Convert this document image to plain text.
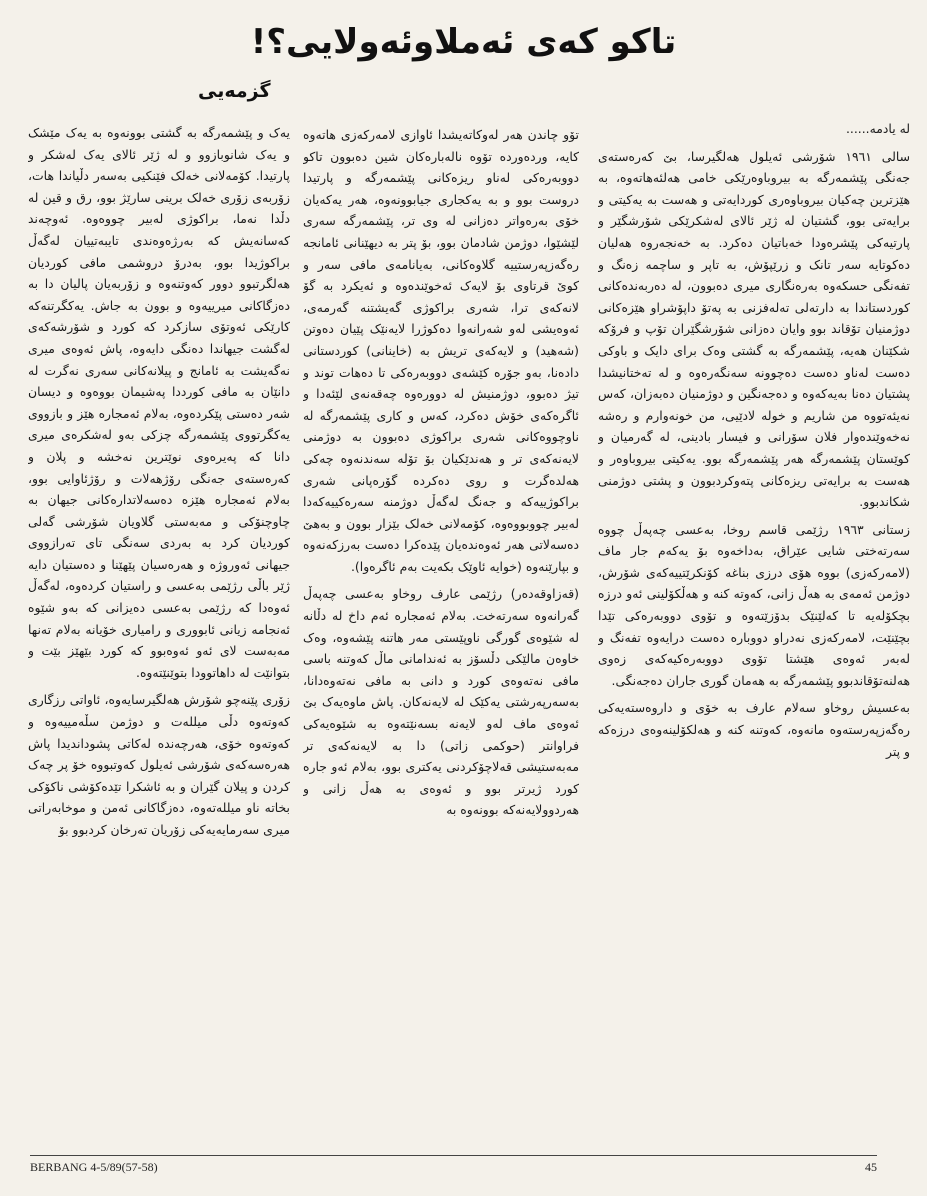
تاکو کەی ئەملاوئەولایی؟!
گزمەیی

لە یادمە......

سالی ١٩٦١ شۆرشی ئەیلول هەلگیرسا، بێ کەرەستەی جەنگی پێشمەرگە بە بیروباوەرێکی خامی هەلئەهاتەوە، بە هێزترین چەکیان بیروباوەری کوردایەتی و هەست بە یەکیتی و برایەتی بوو، گشتیان لە ژێر ئالای لەشکرێکی شۆرشگێر و پارتیەکی پێشرەودا خەباتیان دەکرد. بە خەنجەروە هەلیان دەکوتایە سەر تانک و زرێپۆش، بە تاپر و ساچمە زەنگ و تفەنگی حسکەوە بەرەنگاری میری دەبوون، لە دەربەندەکانی کوردستاندا بە دارتەلی تەلەفزنی بە پەتۆ داپۆشراو هێزەکانی دوژمنیان تۆقاند بوو وایان دەزانی شۆرشگێران تۆپ و فرۆکە شکێنان هەیە، پێشمەرگە بە گشتی وەک برای دایک و باوکی دەست لەناو دەست دەچوونە سەنگەرەوە و لە تەختانیشدا پشتیان دەنا بەیەکەوە و دەجەنگین و دوژمنیان دەبەزان، کەس نەیئەتووە من شاریم و خولە لادێیی، من خونەوارم و رەشە نەخەوێندەوار فلان سۆرانی و فیسار بادینی، لە گەرمیان و کوێستان پێشمەرگە هەر پێشمەرگە بوو. یەکیتی بیروباوەر و هەست بە برایەتی ریزەکانی پتەوکردبوون و پشتی دوژمنی شکاندبوو.

زستانی ١٩٦٣ رژێمی قاسم روخا، بەعسی چەپەڵ چووە سەرتەختی شایی عێراق، بەداخەوە بۆ یەکەم جار ماف (لامەرکەزی) بووە هۆی درزی بناغە کۆنکرێتییەکەی شۆرش، دوژمن ئەمەی بە هەڵ زانی، کەوتە کنە و هەڵکۆلینی ئەو درزە بچکۆلەیە تا کەلێنێک بدۆزێتەوە و تۆوی دووبەرەکی تێدا بچێنێت، لامەرکەزی نەدراو دووبارە دەست درایەوە تفەنگ و لەبەر ئەوەی هێشتا تۆوی دووبەرەکیەکەی زەوی هەلنەتۆقاندبوو پێشمەرگە بە هەمان گوری جاران دەجەنگی.

بەعسیش روخاو سەلام عارف بە خۆی و داروەستەیەکی رەگەزپەرستەوە مانەوە، کەوتنە کنە و هەلکۆلینەوەی درزەکە و پتر

تۆو چاندن هەر لەوکاتەیشدا ئاوازی لامەرکەزی هاتەوە کایە، وردەوردە تۆوە نالەبارەکان شین دەبوون تاکو دووبەرەکی لەناو ریزەکانی پێشمەرگە و پارتیدا دروست بوو و بە یەکجاری جیابوونەوە، هەر یەکەیان خۆی بەرەواتر دەزانی لە وی تر، پێشمەرگە سەری لێشێوا، دوژمن شادمان بوو، بۆ پتر بە دیهێنانی ئامانجە رەگەزپەرستییە گلاوەکانی، بەیانامەی مافی سەر و کوێ قرتاوی بۆ لایەک ئەخوێندەوە و ئەیکرد بە گۆ لانەکەی ترا، شەری براکوژی گەیشتنە گەرمەی، ئەوەیشی لەو شەرانەوا دەکوژرا لایەنێک پێیان دەوتن (شەهید) و لایەکەی تریش بە (خاینانی) کوردستانی دادەنا، بەو جۆرە کێشەی دووبەرەکی تا دەهات توند و تیژ دەبوو، دوژمنیش لە دوورەوە چەقەنەی لێئەدا و ئاگرەکەی خۆش دەکرد، کەس و کاری پێشمەرگە لە ناوچووەکانی شەری براکوژی دەبوون بە دوژمنی لایەنەکەی تر و هەندێکیان بۆ تۆلە سەندنەوە چەکی هەلدەگرت و روی دەکردە گۆرەپانی شەری براکوژییەکە و جەنگ لەگەڵ دوژمنە سەرەکییەکەدا لەبیر چووبووەوە، کۆمەلانی خەلک بێزار بوون و بەهێ دەسەلاتی هەر ئەوەندەیان پێدەکرا دەست بەرزکەنەوە و بپارێنەوە (خوایە ئاوێک بکەیت بەم ئاگرەوا).

(قەزاوقەدەر) رژێمی عارف روخاو بەعسی چەپەڵ گەرانەوە سەرتەخت. بەلام ئەمجارە ئەم داخ لە دڵانە لە شێوەی گورگی ناوپێستی مەر هاتنە پێشەوە، وەک خاوەن مالێکی دڵسۆز بە ئەندامانی ماڵ کەوتنە باسی مافی نەتەوەی کورد و دانی بە مافی نەتەوەدانا، بەسەرپەرشتی یەکێک لە لایەنەکان. پاش ماوەیەک بێ ئەوەی ماف لەو لایەنە بسەنێتەوە بە شێوەیەکی فراوانتر (حوکمی زاتی) دا بە لایەنەکەی تر مەبەستیشی قەلاچۆکردنی یەکتری بوو، بەلام ئەو جارە کورد ژیرتر بوو و ئەوەی بە هەڵ زانی و هەردوولایەنەکە بوونەوە بە

یەک و پێشمەرگە بە گشتی بوونەوە بە یەک مێشک و یەک شانوبازوو و لە ژێر ئالای یەک لەشکر و پارتیدا. کۆمەلانی خەلک فێنکیی بەسەر دڵیاندا هات، زۆربەی زۆری خەلک برینی سارێژ بوو، رق و قین لە دڵدا نەما، براکوژی لەبیر چووەوە. ئەوچەند کەسانەیش کە بەرژەوەندی تایبەتییان لەگەڵ براکوژیدا بوو، بەدرۆ دروشمی مافی کوردیان هەلگرتبوو دوور کەوتنەوە و زۆربەیان پالیان دا بە دەزگاکانی میرییەوە و بوون بە جاش. یەکگرتنەکە کارێکی ئەوتۆی سازکرد کە کورد و شۆرشەکەی لەگشت جیهاندا دەنگی دایەوە، پاش ئەوەی میری نەگەیشت بە ئامانج و پیلانەکانی سەری نەگرت لە دانێان بە مافی کورددا پەشیمان بووەوە و دیسان شەر دەستی پێکردەوە، بەلام ئەمجارە هێز و بازووی یەکگرتووی پێشمەرگە چزکی بەو لەشکرەی میری دانا کە پەیرەوی نوێترین نەخشە و پلان و کەرەستەی جەنگی رۆژهەلات و رۆژئاوایی بوو، بەلام ئەمجارە هێزە دەسەلاتدارەکانی جیهان بە چاوچنۆکی و مەبەستی گلاویان شۆرشی گەلی کوردیان کرد بە بەردی سەنگی تای تەرازووی جیهانی ئەوروژە و هەرەسیان پێهێنا و دەستیان دایە ژێر باڵی رژێمی بەعسی و راستیان کردەوە، لەگەڵ ئەوەدا کە رژێمی بەعسی دەیزانی کە بەو شێوە ئەنجامە زیانی ئابووری و رامیاری خۆیانە بەلام تەنها مەبەست لای ئەو ئەوەبوو کە کورد بێهێز بێت و بتوانێت لە داهاتوودا بتوێنێتەوە.

زۆری پێنەچو شۆرش هەلگیرسایەوە، ئاواتی رزگاری کەوتەوە دڵی میللەت و دوژمن سڵەمییەوە و کەوتەوە خۆی، هەرچەندە لەکاتی پشوداندیدا پاش هەرەسەکەی شۆرشی ئەیلول کەوتبووە خۆ پر چەک کردن و پیلان گێران و بە ئاشکرا تێدەکۆشی ناکۆکی بخاتە ناو میللەتەوە، دەزگاکانی ئەمن و موخابەراتی میری سەرمایەیەکی زۆریان تەرخان کردبوو بۆ

BERBANG 4-5/89(57-58)	45
